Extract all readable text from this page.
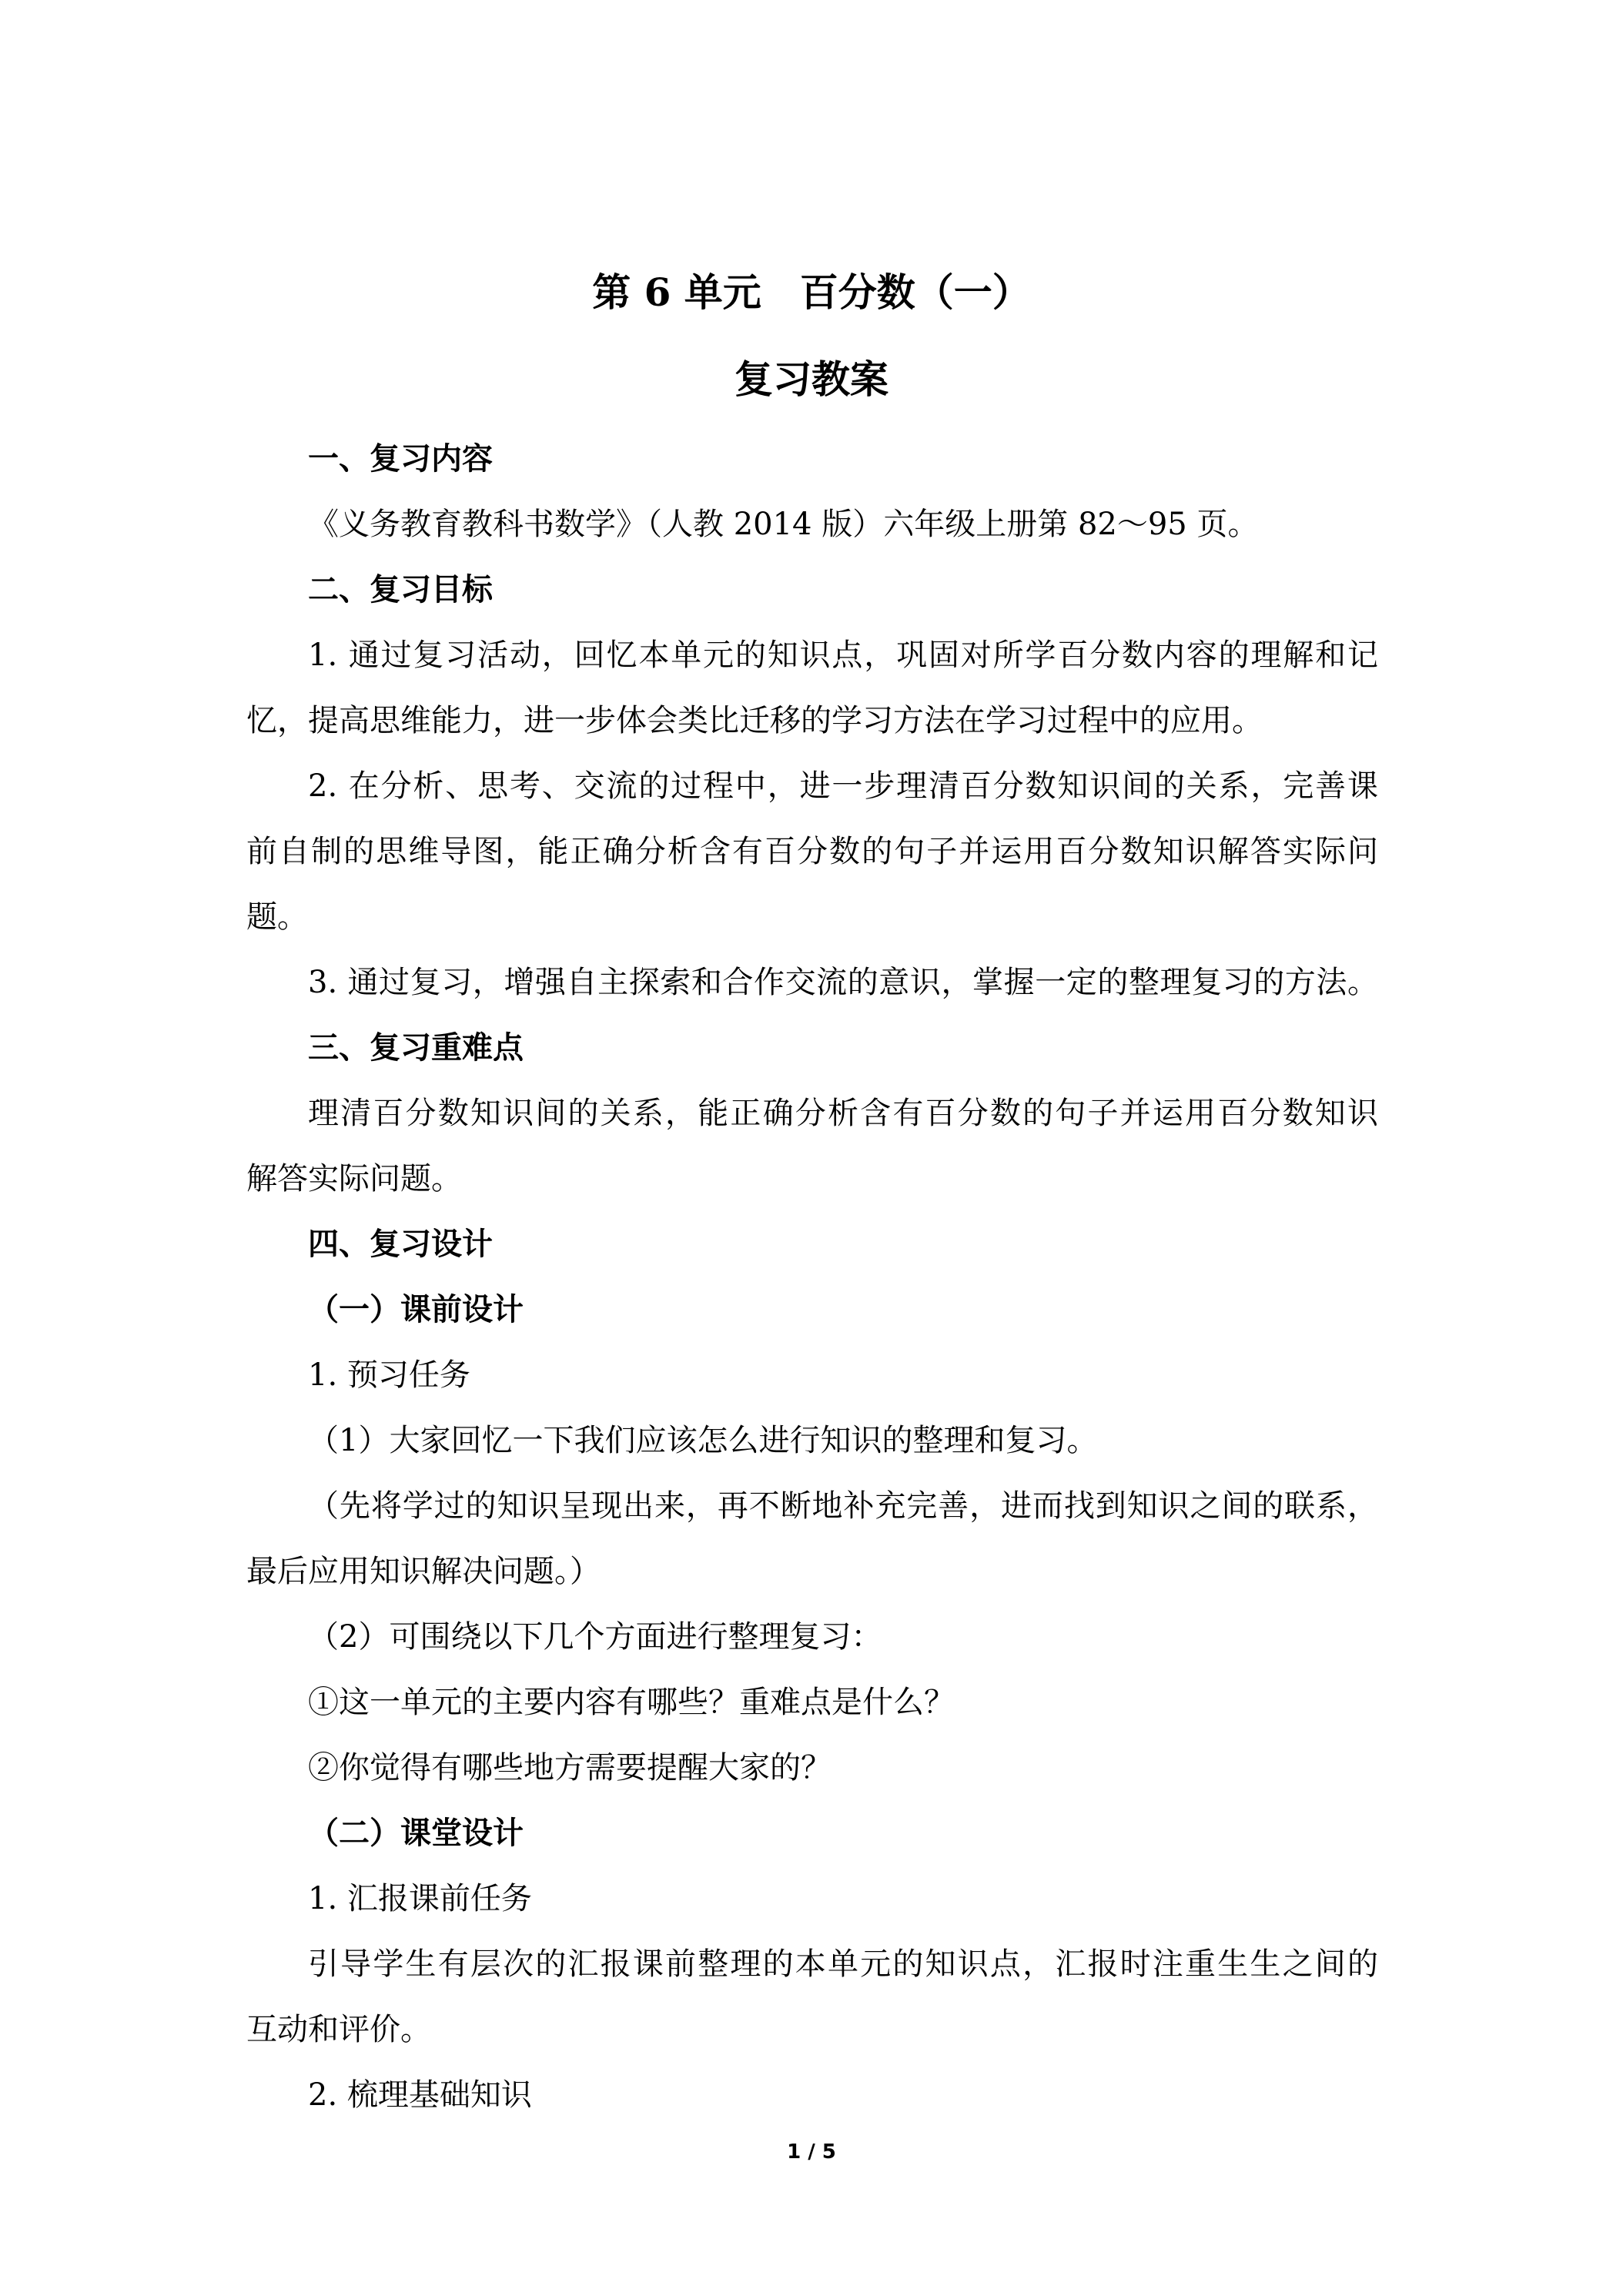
第 6 单元　百分数（一）
复习教案
一、复习内容
《义务教育教科书数学》（人教 2014 版）六年级上册第 82～95 页。
二、复习目标
1. 通过复习活动，回忆本单元的知识点，巩固对所学百分数内容的理解和记
忆，提高思维能力，进一步体会类比迁移的学习方法在学习过程中的应用。
2. 在分析、思考、交流的过程中，进一步理清百分数知识间的关系，完善课
前自制的思维导图，能正确分析含有百分数的句子并运用百分数知识解答实际问
题。
3. 通过复习，增强自主探索和合作交流的意识，掌握一定的整理复习的方法。
三、复习重难点
理清百分数知识间的关系，能正确分析含有百分数的句子并运用百分数知识
解答实际问题。
四、复习设计
（一）课前设计
1. 预习任务
（1）大家回忆一下我们应该怎么进行知识的整理和复习。
（先将学过的知识呈现出来，再不断地补充完善，进而找到知识之间的联系，
最后应用知识解决问题。）
（2）可围绕以下几个方面进行整理复习：
①这一单元的主要内容有哪些？重难点是什么？
②你觉得有哪些地方需要提醒大家的？
（二）课堂设计
1. 汇报课前任务
引导学生有层次的汇报课前整理的本单元的知识点，汇报时注重生生之间的
互动和评价。
2. 梳理基础知识
1 / 5
